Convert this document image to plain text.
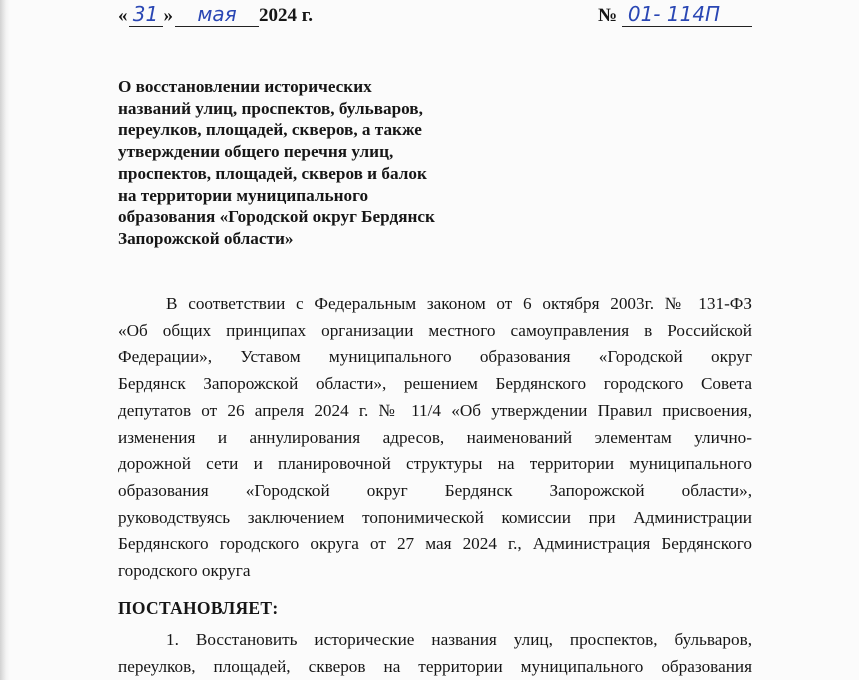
« 31 » мая 2024 г.	№ 01- 114П
О восстановлении исторических
названий улиц, проспектов, бульваров,
переулков, площадей, скверов, а также
утверждении общего перечня улиц,
проспектов, площадей, скверов и балок
на территории муниципального
образования «Городской округ Бердянск
Запорожской области»
В соответствии с Федеральным законом от 6 октября 2003г. № 131-ФЗ
«Об общих принципах организации местного самоуправления в Российской
Федерации», Уставом муниципального образования «Городской округ
Бердянск Запорожской области», решением Бердянского городского Совета
депутатов от 26 апреля 2024 г. № 11/4 «Об утверждении Правил присвоения,
изменения и аннулирования адресов, наименований элементам улично-
дорожной сети и планировочной структуры на территории муниципального
образования «Городской округ Бердянск Запорожской области»,
руководствуясь заключением топонимической комиссии при Администрации
Бердянского городского округа от 27 мая 2024 г., Администрация Бердянского
городского округа
ПОСТАНОВЛЯЕТ:
1. Восстановить исторические названия улиц, проспектов, бульваров,
переулков, площадей, скверов на территории муниципального образования
